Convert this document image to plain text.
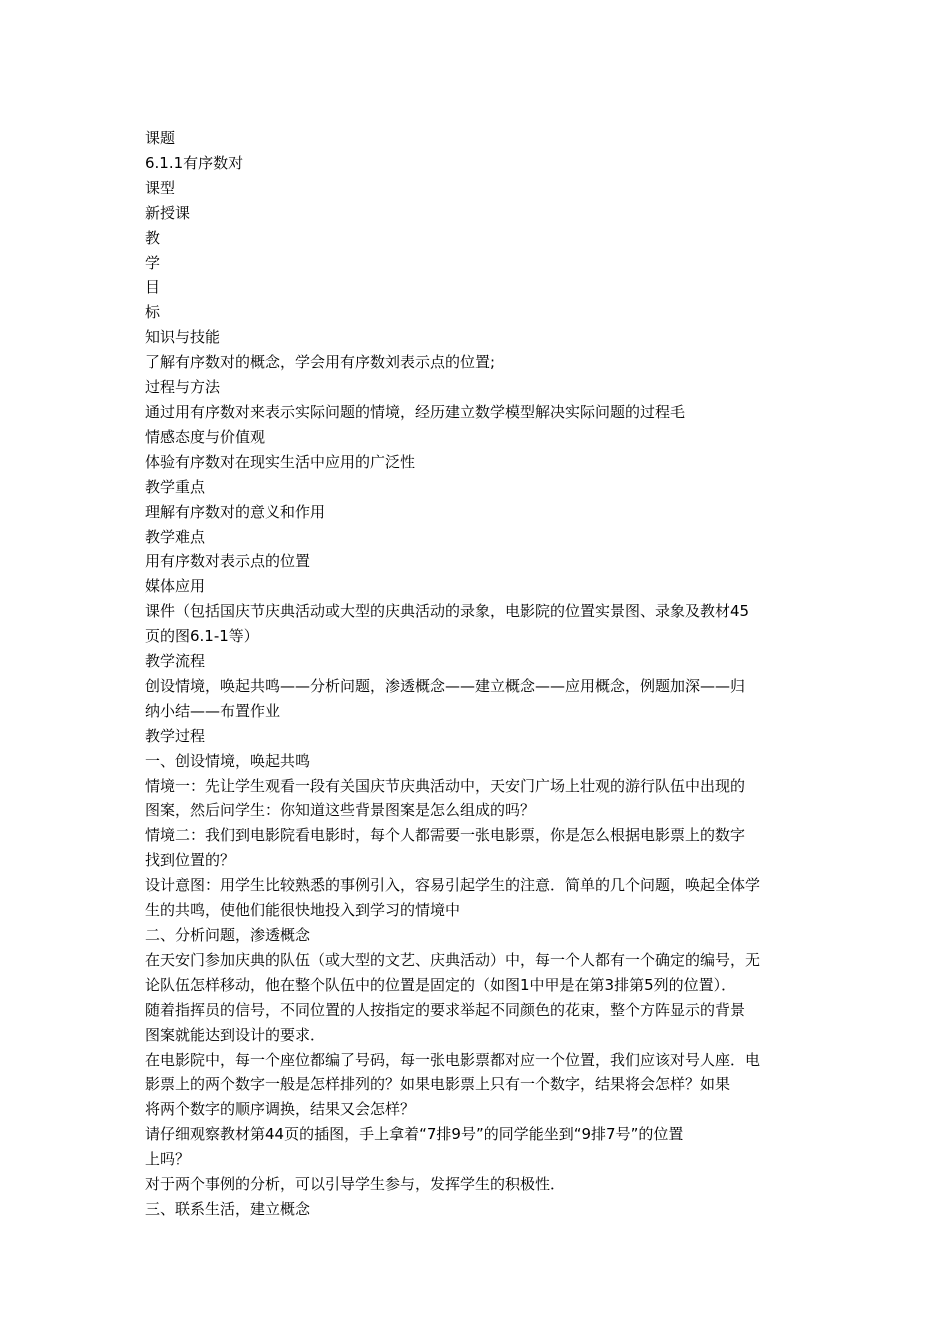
课题

6.1.1有序数对

课型

新授课

教

学

目

标

知识与技能

了解有序数对的概念，学会用有序数刘表示点的位置;

过程与方法

通过用有序数对来表示实际问题的情境，经历建立数学模型解决实际问题的过程毛

情感态度与价值观

体验有序数对在现实生活中应用的广泛性

教学重点

理解有序数对的意义和作用

教学难点

用有序数对表示点的位置

媒体应用

课件（包括国庆节庆典活动或大型的庆典活动的录象，电影院的位置实景图、录象及教材45

页的图6.1-1等）

教学流程

创设情境，唤起共鸣——分析问题，渗透概念——建立概念——应用概念，例题加深——归

纳小结——布置作业

教学过程

一、创设情境，唤起共鸣

情境一：先让学生观看一段有关国庆节庆典活动中，天安门广场上壮观的游行队伍中出现的

图案，然后问学生：你知道这些背景图案是怎么组成的吗？

情境二：我们到电影院看电影时，每个人都需要一张电影票，你是怎么根据电影票上的数字

找到位置的？

设计意图：用学生比较熟悉的事例引入，容易引起学生的注意．简单的几个问题，唤起全体学

生的共鸣，使他们能很快地投入到学习的情境中

二、分析问题，渗透概念

在天安门参加庆典的队伍（或大型的文艺、庆典活动）中，每一个人都有一个确定的编号，无

论队伍怎样移动，他在整个队伍中的位置是固定的（如图1中甲是在第3排第5列的位置）．

随着指挥员的信号，不同位置的人按指定的要求举起不同颜色的花束，整个方阵显示的背景

图案就能达到设计的要求．

在电影院中，每一个座位都编了号码，每一张电影票都对应一个位置，我们应该对号人座．电

影票上的两个数字一般是怎样排列的？如果电影票上只有一个数字，结果将会怎样？如果

将两个数字的顺序调换，结果又会怎样？

请仔细观察教材第44页的插图，手上拿着“7排9号”的同学能坐到“9排7号”的位置

上吗？

对于两个事例的分析，可以引导学生参与，发挥学生的积极性．

三、联系生活，建立概念
